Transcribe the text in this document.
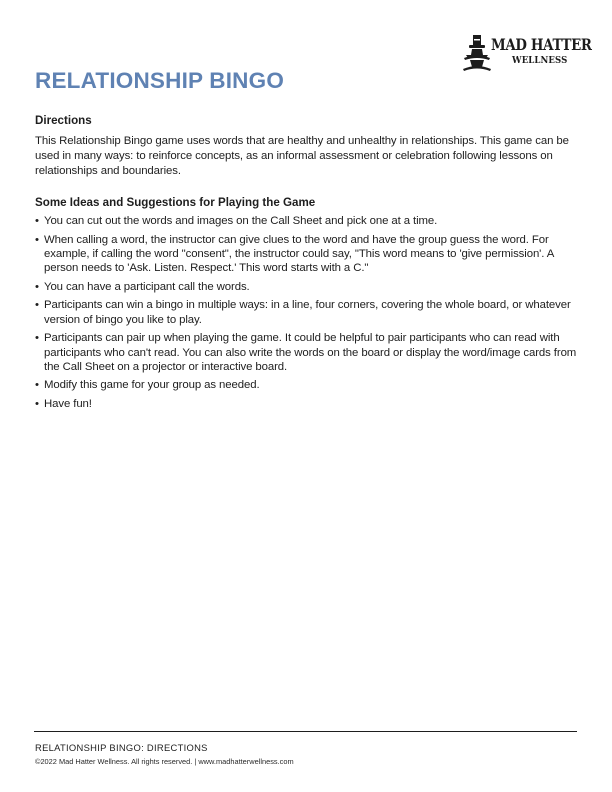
MAD HATTER
WELLNESS
RELATIONSHIP BINGO

Directions

This Relationship Bingo game uses words that are healthy and unhealthy in relationships. This game can be used in many ways: to reinforce concepts, as an informal assessment or celebration following lessons on relationships and boundaries.

Some Ideas and Suggestions for Playing the Game

• You can cut out the words and images on the Call Sheet and pick one at a time.
• When calling a word, the instructor can give clues to the word and have the group guess the word. For example, if calling the word "consent", the instructor could say, "This word means to 'give permission'. A person needs to 'Ask. Listen. Respect.' This word starts with a C."
• You can have a participant call the words.
• Participants can win a bingo in multiple ways: in a line, four corners, covering the whole board, or whatever version of bingo you like to play.
• Participants can pair up when playing the game. It could be helpful to pair participants who can read with participants who can't read. You can also write the words on the board or display the word/image cards from the Call Sheet on a projector or interactive board.
• Modify this game for your group as needed.
• Have fun!
RELATIONSHIP BINGO: DIRECTIONS
©2022 Mad Hatter Wellness. All rights reserved. | www.madhatterwellness.com
